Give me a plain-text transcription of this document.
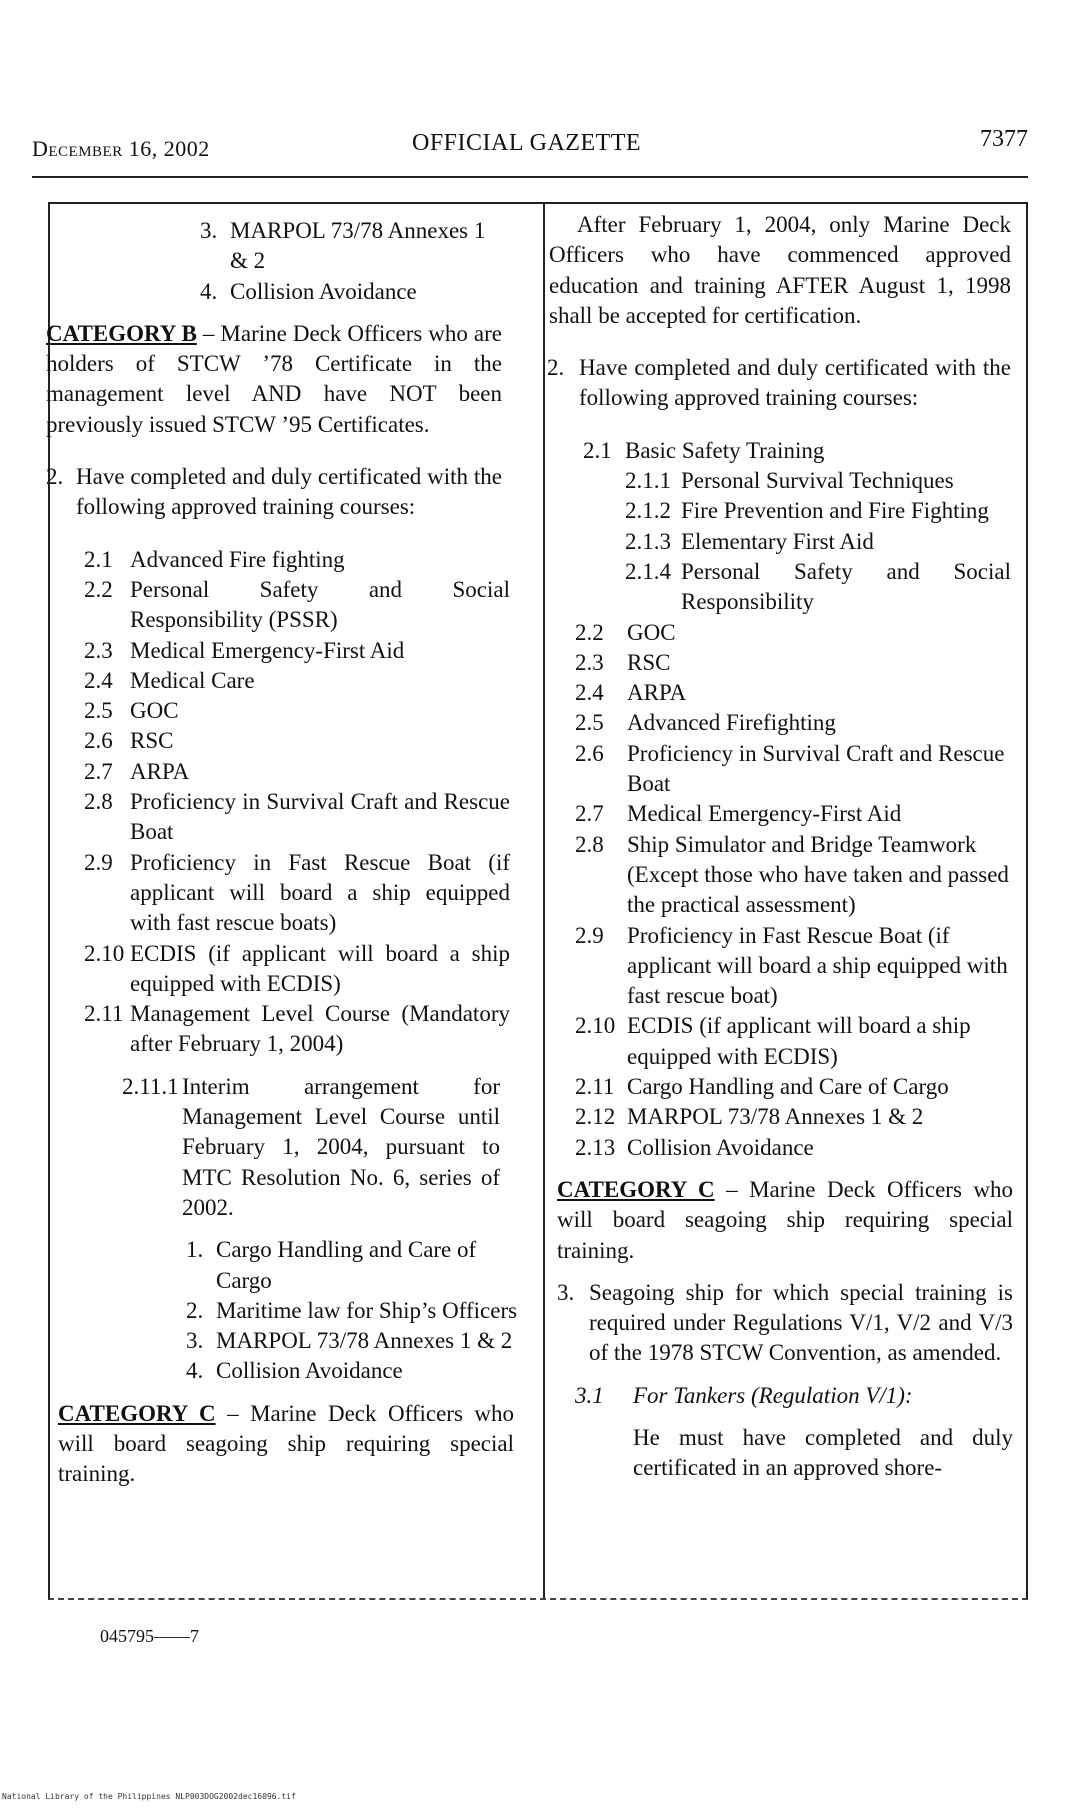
December 16, 2002	OFFICIAL GAZETTE	7377
3. MARPOL 73/78 Annexes 1 & 2
4. Collision Avoidance
CATEGORY B – Marine Deck Officers who are holders of STCW ’78 Certificate in the management level AND have NOT been previously issued STCW ’95 Certificates.
2. Have completed and duly certificated with the following approved training courses:
2.1 Advanced Fire fighting
2.2 Personal Safety and Social Responsibility (PSSR)
2.3 Medical Emergency-First Aid
2.4 Medical Care
2.5 GOC
2.6 RSC
2.7 ARPA
2.8 Proficiency in Survival Craft and Rescue Boat
2.9 Proficiency in Fast Rescue Boat (if applicant will board a ship equipped with fast rescue boats)
2.10 ECDIS (if applicant will board a ship equipped with ECDIS)
2.11 Management Level Course (Mandatory after February 1, 2004)
2.11.1 Interim arrangement for Management Level Course until February 1, 2004, pursuant to MTC Resolution No. 6, series of 2002.
1. Cargo Handling and Care of Cargo
2. Maritime law for Ship’s Officers
3. MARPOL 73/78 Annexes 1 & 2
4. Collision Avoidance
CATEGORY C – Marine Deck Officers who will board seagoing ship requiring special training.
After February 1, 2004, only Marine Deck Officers who have commenced approved education and training AFTER August 1, 1998 shall be accepted for certification.
2. Have completed and duly certificated with the following approved training courses:
2.1 Basic Safety Training
2.1.1 Personal Survival Techniques
2.1.2 Fire Prevention and Fire Fighting
2.1.3 Elementary First Aid
2.1.4 Personal Safety and Social Responsibility
2.2 GOC
2.3 RSC
2.4 ARPA
2.5 Advanced Firefighting
2.6 Proficiency in Survival Craft and Rescue Boat
2.7 Medical Emergency-First Aid
2.8 Ship Simulator and Bridge Teamwork (Except those who have taken and passed the practical assessment)
2.9 Proficiency in Fast Rescue Boat (if applicant will board a ship equipped with fast rescue boat)
2.10 ECDIS (if applicant will board a ship equipped with ECDIS)
2.11 Cargo Handling and Care of Cargo
2.12 MARPOL 73/78 Annexes 1 & 2
2.13 Collision Avoidance
CATEGORY C – Marine Deck Officers who will board seagoing ship requiring special training.
3. Seagoing ship for which special training is required under Regulations V/1, V/2 and V/3 of the 1978 STCW Convention, as amended.
3.1 For Tankers (Regulation V/1):
He must have completed and duly certificated in an approved shore-
045795——7
National Library of the Philippines NLP003DOG2002dec16096.tif
